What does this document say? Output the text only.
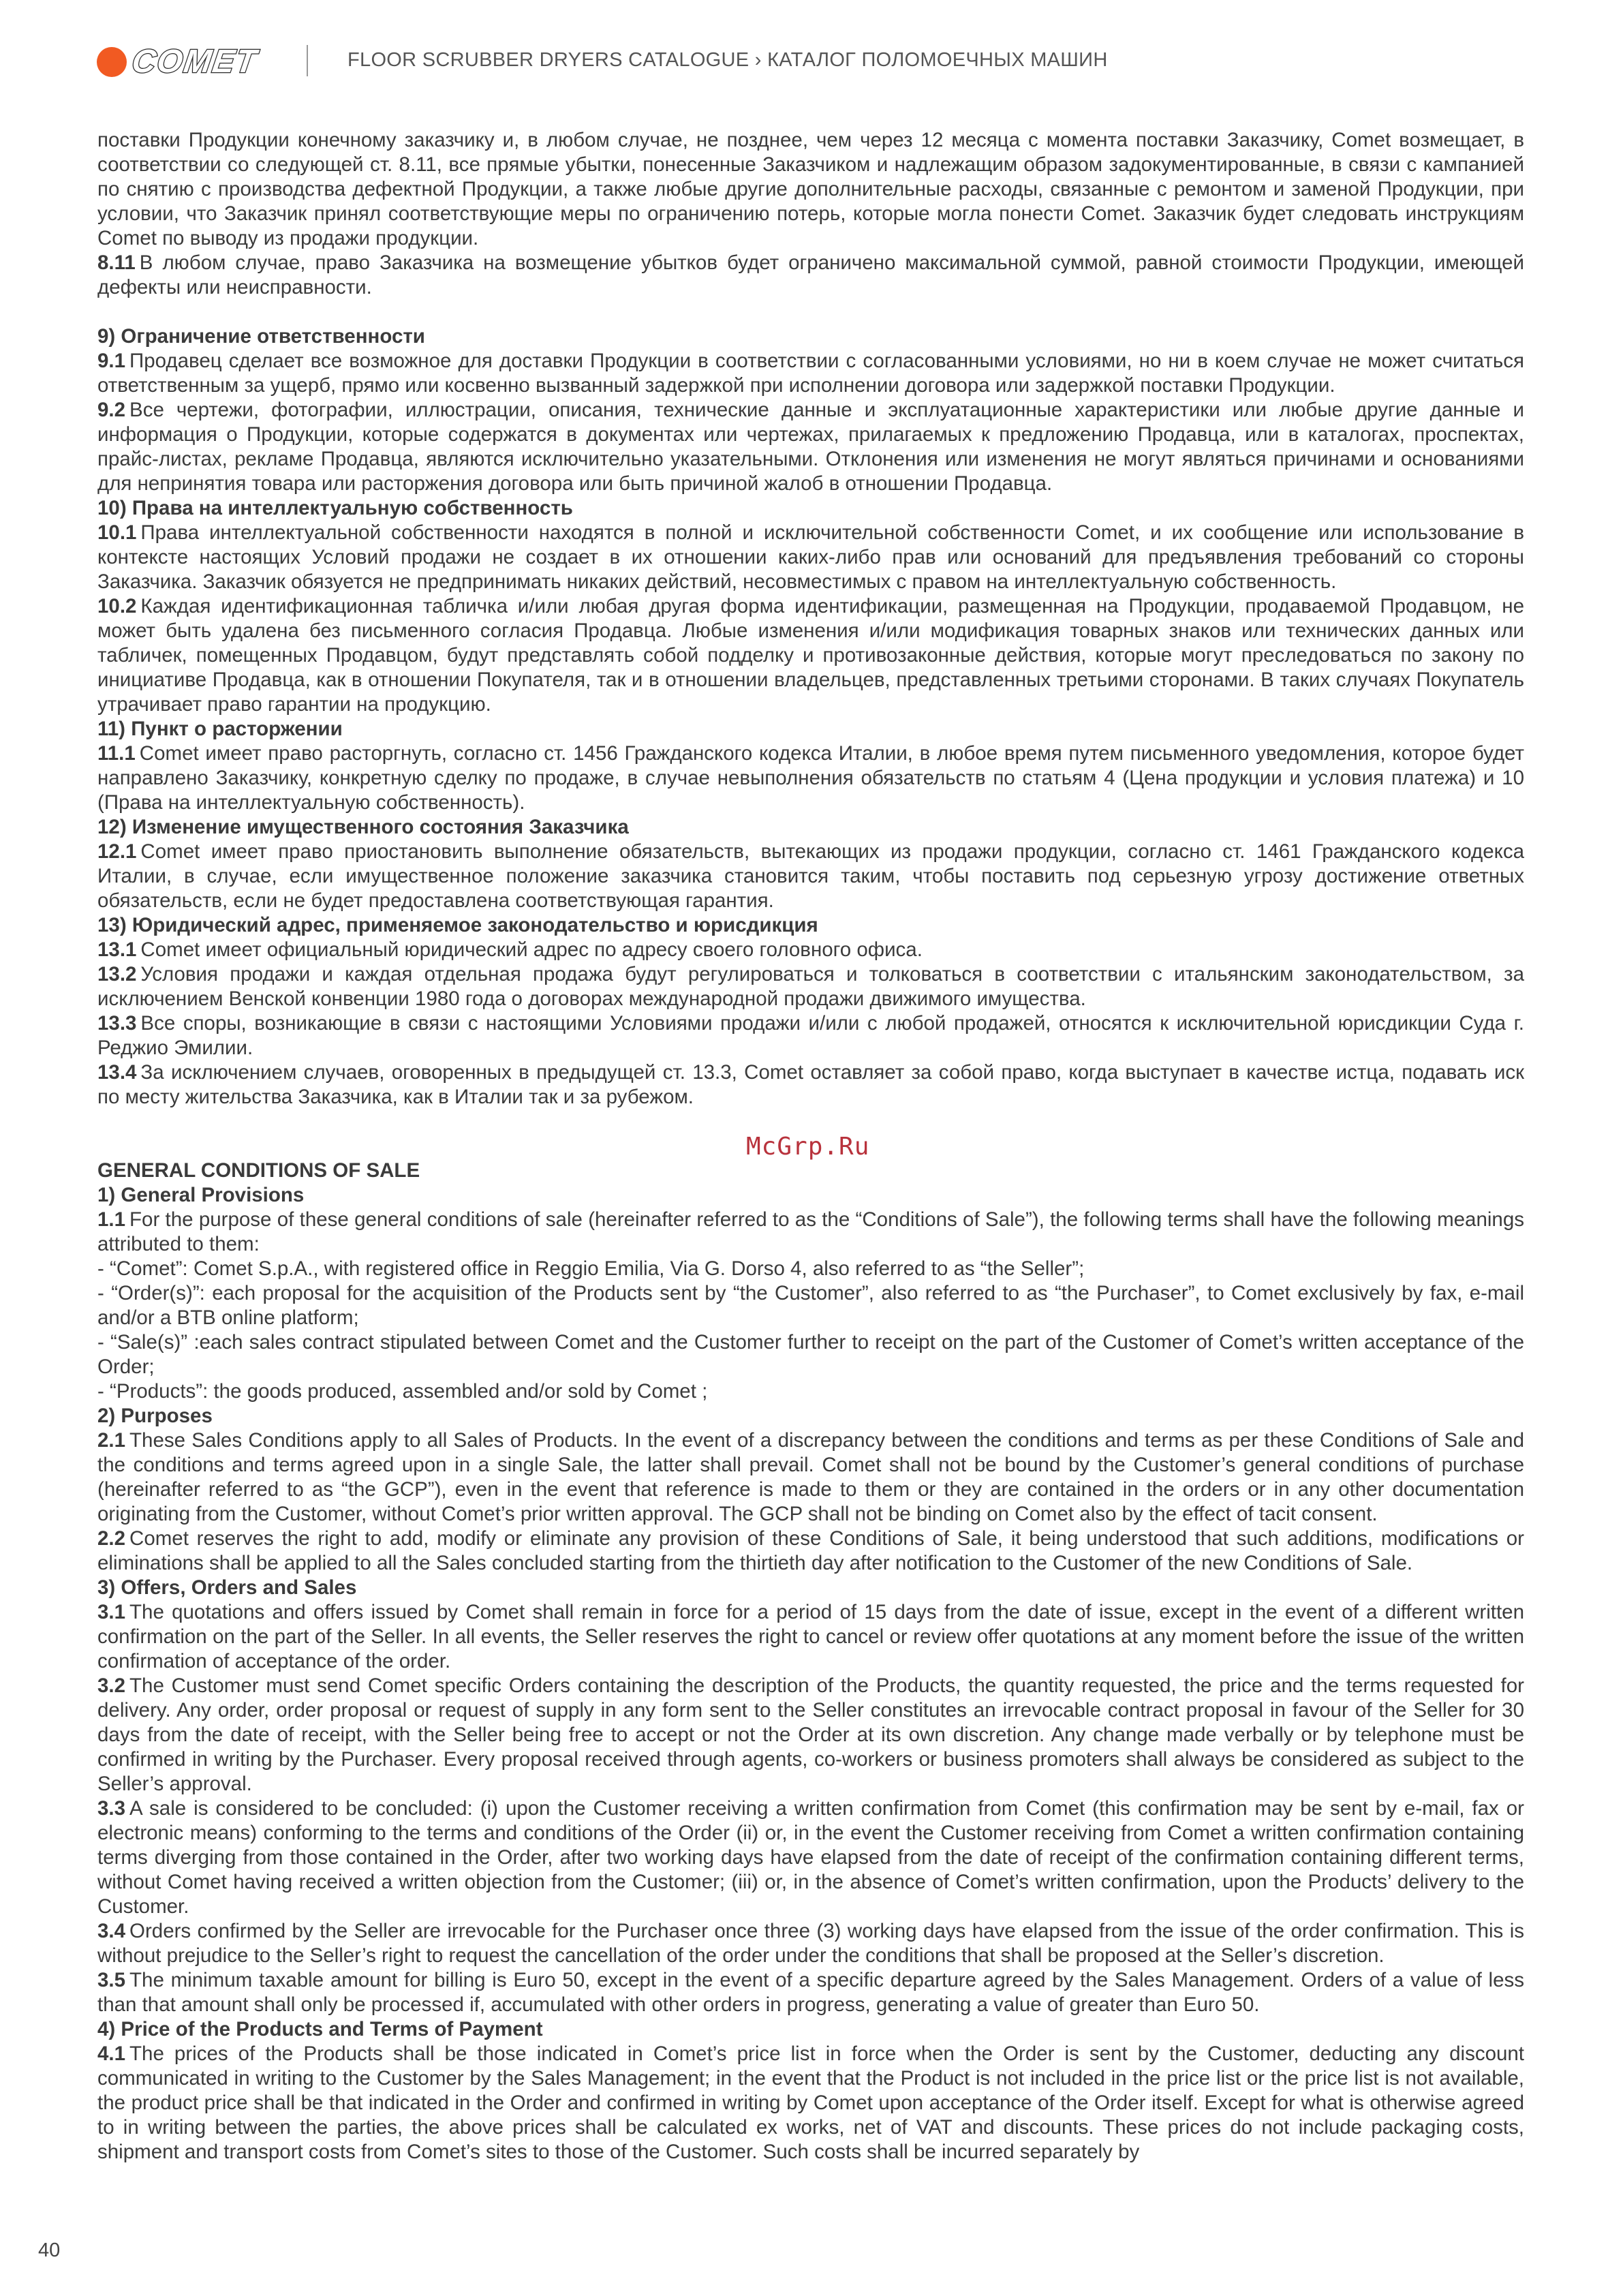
COMET	FLOOR SCRUBBER DRYERS CATALOGUE › КАТАЛОГ ПОЛОМОЕЧНЫХ МАШИН

поставки Продукции конечному заказчику и, в любом случае, не позднее, чем через 12 месяца с момента поставки Заказчику, Comet возмещает, в соответствии со следующей ст. 8.11, все прямые убытки, понесенные Заказчиком и надлежащим образом задокументированные, в связи с кампанией по снятию с производства дефектной Продукции, а также любые другие дополнительные расходы, связанные с ремонтом и заменой Продукции, при условии, что Заказчик принял соответствующие меры по ограничению потерь, которые могла понести Comet. Заказчик будет следовать инструкциям Comet по выводу из продажи продукции.

8.11 В любом случае, право Заказчика на возмещение убытков будет ограничено максимальной суммой, равной стоимости Продукции, имеющей дефекты или неисправности.

9) Ограничение ответственности

9.1 Продавец сделает все возможное для доставки Продукции в соответствии с согласованными условиями, но ни в коем случае не может считаться ответственным за ущерб, прямо или косвенно вызванный задержкой при исполнении договора или задержкой поставки Продукции.

9.2 Все чертежи, фотографии, иллюстрации, описания, технические данные и эксплуатационные характеристики или любые другие данные и информация о Продукции, которые содержатся в документах или чертежах, прилагаемых к предложению Продавца, или в каталогах, проспектах, прайс-листах, рекламе Продавца, являются исключительно указательными. Отклонения или изменения не могут являться причинами и основаниями для непринятия товара или расторжения договора или быть причиной жалоб в отношении Продавца.

10) Права на интеллектуальную собственность

10.1 Права интеллектуальной собственности находятся в полной и исключительной собственности Comet, и их сообщение или использование в контексте настоящих Условий продажи не создает в их отношении каких-либо прав или оснований для предъявления требований со стороны Заказчика. Заказчик обязуется не предпринимать никаких действий, несовместимых с правом на интеллектуальную собственность.

10.2 Каждая идентификационная табличка и/или любая другая форма идентификации, размещенная на Продукции, продаваемой Продавцом, не может быть удалена без письменного согласия Продавца. Любые изменения и/или модификация товарных знаков или технических данных или табличек, помещенных Продавцом, будут представлять собой подделку и противозаконные действия, которые могут преследоваться по закону по инициативе Продавца, как в отношении Покупателя, так и в отношении владельцев, представленных третьими сторонами. В таких случаях Покупатель утрачивает право гарантии на продукцию.

11) Пункт о расторжении

11.1 Comet имеет право расторгнуть, согласно ст. 1456 Гражданского кодекса Италии, в любое время путем письменного уведомления, которое будет направлено Заказчику, конкретную сделку по продаже, в случае невыполнения обязательств по статьям 4 (Цена продукции и условия платежа) и 10 (Права на интеллектуальную собственность).

12) Изменение имущественного состояния Заказчика

12.1 Comet имеет право приостановить выполнение обязательств, вытекающих из продажи продукции, согласно ст. 1461 Гражданского кодекса Италии, в случае, если имущественное положение заказчика становится таким, чтобы поставить под серьезную угрозу достижение ответных обязательств, если не будет предоставлена соответствующая гарантия.

13) Юридический адрес, применяемое законодательство и юрисдикция

13.1 Comet имеет официальный юридический адрес по адресу своего головного офиса.

13.2 Условия продажи и каждая отдельная продажа будут регулироваться и толковаться в соответствии с итальянским законодательством, за исключением Венской конвенции 1980 года о договорах международной продажи движимого имущества.

13.3 Все споры, возникающие в связи с настоящими Условиями продажи и/или с любой продажей, относятся к исключительной юрисдикции Суда г. Реджио Эмилии.

13.4 За исключением случаев, оговоренных в предыдущей ст. 13.3, Comet оставляет за собой право, когда выступает в качестве истца, подавать иск по месту жительства Заказчика, как в Италии так и за рубежом.

GENERAL CONDITIONS OF SALE

1) General Provisions

1.1 For the purpose of these general conditions of sale (hereinafter referred to as the “Conditions of Sale”), the following terms shall have the following meanings attributed to them:

- “Comet”: Comet S.p.A., with registered office in Reggio Emilia, Via G. Dorso 4, also referred to as “the Seller”;

- “Order(s)”: each proposal for the acquisition of the Products sent by “the Customer”, also referred to as “the Purchaser”, to Comet exclusively by fax, e-mail and/or a BTB online platform;

- “Sale(s)” :each sales contract stipulated between Comet and the Customer further to receipt on the part of the Customer of Comet’s written acceptance of the Order;

- “Products”: the goods produced, assembled and/or sold by Comet ;

2) Purposes

2.1 These Sales Conditions apply to all Sales of Products. In the event of a discrepancy between the conditions and terms as per these Conditions of Sale and the conditions and terms agreed upon in a single Sale, the latter shall prevail. Comet shall not be bound by the Customer’s general conditions of purchase (hereinafter referred to as “the GCP”), even in the event that reference is made to them or they are contained in the orders or in any other documentation originating from the Customer, without Comet’s prior written approval. The GCP shall not be binding on Comet also by the effect of tacit consent.

2.2 Comet reserves the right to add, modify or eliminate any provision of these Conditions of Sale, it being understood that such additions, modifications or eliminations shall be applied to all the Sales concluded starting from the thirtieth day after notification to the Customer of the new Conditions of Sale.

3) Offers, Orders and Sales

3.1 The quotations and offers issued by Comet shall remain in force for a period of 15 days from the date of issue, except in the event of a different written confirmation on the part of the Seller. In all events, the Seller reserves the right to cancel or review offer quotations at any moment before the issue of the written confirmation of acceptance of the order.

3.2 The Customer must send Comet specific Orders containing the description of the Products, the quantity requested, the price and the terms requested for delivery. Any order, order proposal or request of supply in any form sent to the Seller constitutes an irrevocable contract proposal in favour of the Seller for 30 days from the date of receipt, with the Seller being free to accept or not the Order at its own discretion. Any change made verbally or by telephone must be confirmed in writing by the Purchaser. Every proposal received through agents, co-workers or business promoters shall always be considered as subject to the Seller’s approval.

3.3 A sale is considered to be concluded: (i) upon the Customer receiving a written confirmation from Comet (this confirmation may be sent by e-mail, fax or electronic means) conforming to the terms and conditions of the Order (ii) or, in the event the Customer receiving from Comet a written confirmation containing terms diverging from those contained in the Order, after two working days have elapsed from the date of receipt of the confirmation containing different terms, without Comet having received a written objection from the Customer; (iii) or, in the absence of Comet’s written confirmation, upon the Products’ delivery to the Customer.

3.4 Orders confirmed by the Seller are irrevocable for the Purchaser once three (3) working days have elapsed from the issue of the order confirmation. This is without prejudice to the Seller’s right to request the cancellation of the order under the conditions that shall be proposed at the Seller’s discretion.

3.5 The minimum taxable amount for billing is Euro 50, except in the event of a specific departure agreed by the Sales Management. Orders of a value of less than that amount shall only be processed if, accumulated with other orders in progress, generating a value of greater than Euro 50.

4) Price of the Products and Terms of Payment

4.1 The prices of the Products shall be those indicated in Comet’s price list in force when the Order is sent by the Customer, deducting any discount communicated in writing to the Customer by the Sales Management; in the event that the Product is not included in the price list or the price list is not available, the product price shall be that indicated in the Order and confirmed in writing by Comet upon acceptance of the Order itself. Except for what is otherwise agreed to in writing between the parties, the above prices shall be calculated ex works, net of VAT and discounts. These prices do not include packaging costs, shipment and transport costs from Comet’s sites to those of the Customer. Such costs shall be incurred separately by

McGrp.Ru
40
